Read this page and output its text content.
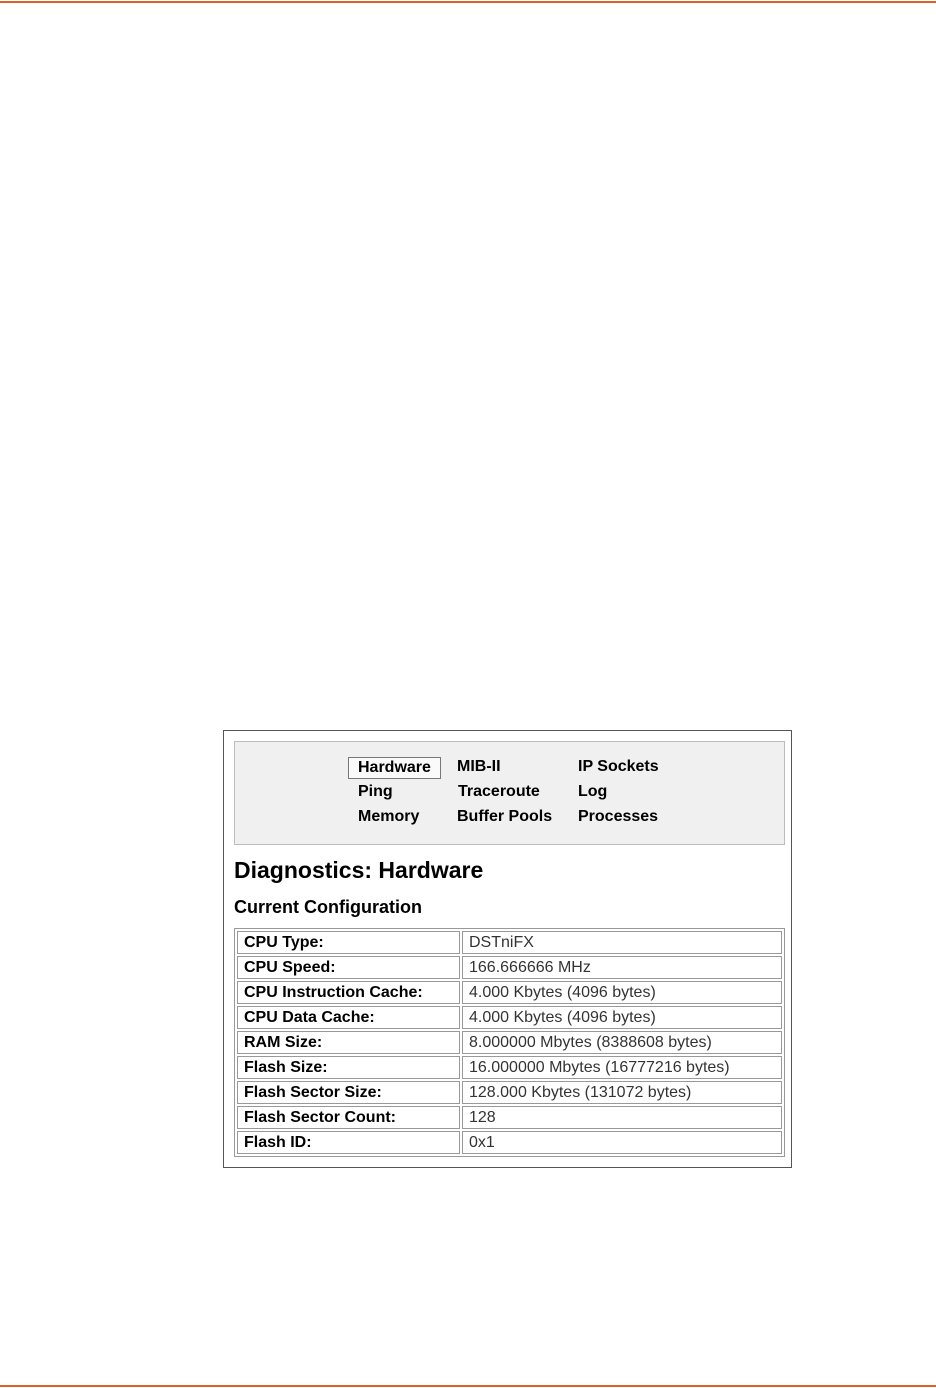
Hardware	MIB-II	IP Sockets
Ping	Traceroute Log
Memory Buffer Pools Processes
Diagnostics: Hardware
Current Configuration
CPU Type:	DSTniFX
CPU Speed:	166.666666 MHz
CPU Instruction Cache:	4.000 Kbytes (4096 bytes)
CPU Data Cache:	4.000 Kbytes (4096 bytes)
RAM Size:	8.000000 Mbytes (8388608 bytes)
Flash Size:	16.000000 Mbytes (16777216 bytes)
Flash Sector Size:	128.000 Kbytes (131072 bytes)
Flash Sector Count:	128
Flash ID:	0x1
